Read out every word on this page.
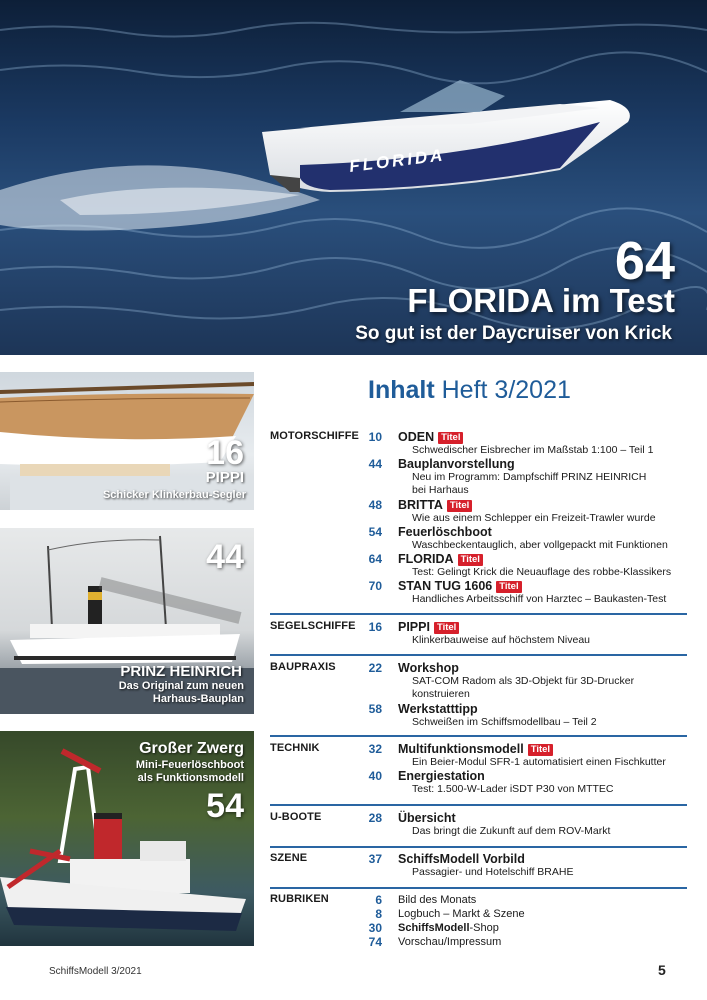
FLORIDA
64
FLORIDA im Test
So gut ist der Daycruiser von Krick
16
PIPPI
Schicker Klinkerbau-Segler
44
PRINZ HEINRICH
Das Original zum neuen
Harhaus-Bauplan
Großer Zwerg
Mini-Feuerlöschboot
als Funktionsmodell
54
Inhalt Heft 3/2021
MOTORSCHIFFE 10 ODEN Titel
Schwedischer Eisbrecher im Maßstab 1:100 – Teil 1
44 Bauplanvorstellung
Neu im Programm: Dampfschiff PRINZ HEINRICH
bei Harhaus
48 BRITTA Titel
Wie aus einem Schlepper ein Freizeit-Trawler wurde
54 Feuerlöschboot
Waschbeckentauglich, aber vollgepackt mit Funktionen
64 FLORIDA Titel
Test: Gelingt Krick die Neuauflage des robbe-Klassikers
70 STAN TUG 1606 Titel
Handliches Arbeitsschiff von Harztec – Baukasten-Test
SEGELSCHIFFE	16 PIPPI Titel
Klinkerbauweise auf höchstem Niveau
BAUPRAXIS	22 Workshop
SAT-COM Radom als 3D-Objekt für 3D-Drucker
konstruieren
58 Werkstatttipp
Schweißen im Schiffsmodellbau – Teil 2
TECHNIK	32 Multifunktionsmodell Titel
Ein Beier-Modul SFR-1 automatisiert einen Fischkutter
40 Energiestation
Test: 1.500-W-Lader iSDT P30 von MTTEC
U-BOOTE	28 Übersicht
Das bringt die Zukunft auf dem ROV-Markt
SZENE	37 SchiffsModell Vorbild
Passagier- und Hotelschiff BRAHE
RUBRIKEN	6 Bild des Monats
8 Logbuch – Markt & Szene
30 SchiffsModell-Shop
74 Vorschau/Impressum
SchiffsModell 3/2021	5
